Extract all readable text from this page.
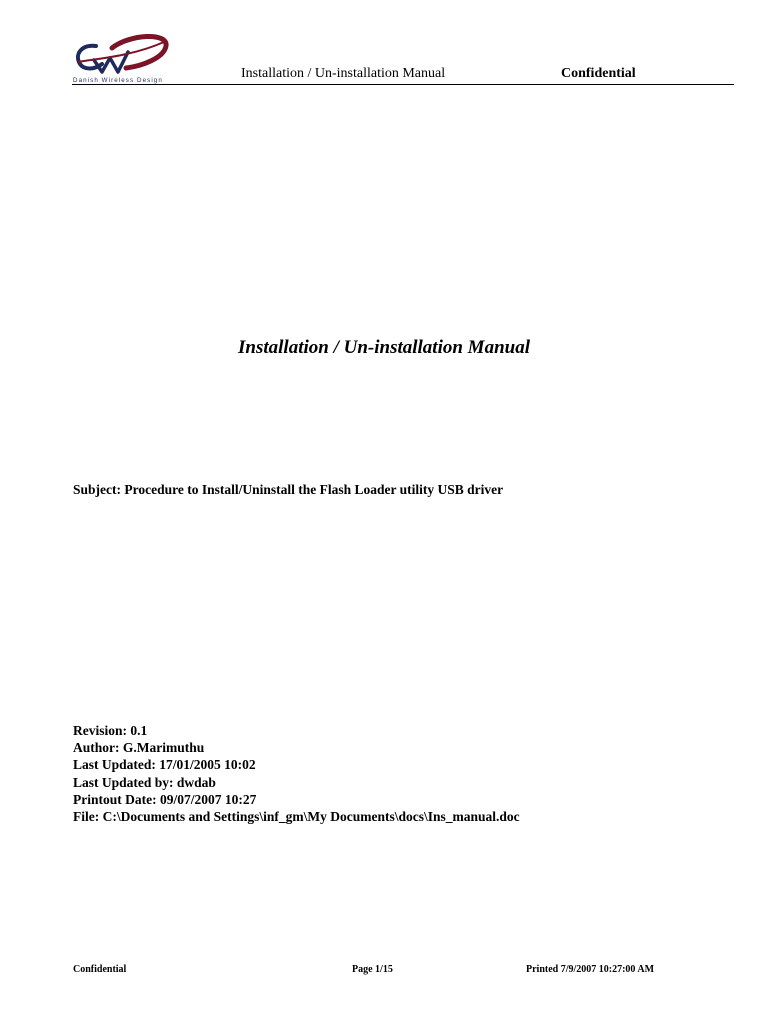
Danish Wireless Design	Installation / Un-installation Manual	Confidential
Installation / Un-installation Manual
Subject: Procedure to Install/Uninstall the Flash Loader utility USB driver
Revision: 0.1
Author: G.Marimuthu
Last Updated: 17/01/2005 10:02
Last Updated by: dwdab
Printout Date: 09/07/2007 10:27
File: C:\Documents and Settings\inf_gm\My Documents\docs\Ins_manual.doc
Confidential	Page 1/15	Printed 7/9/2007 10:27:00 AM
